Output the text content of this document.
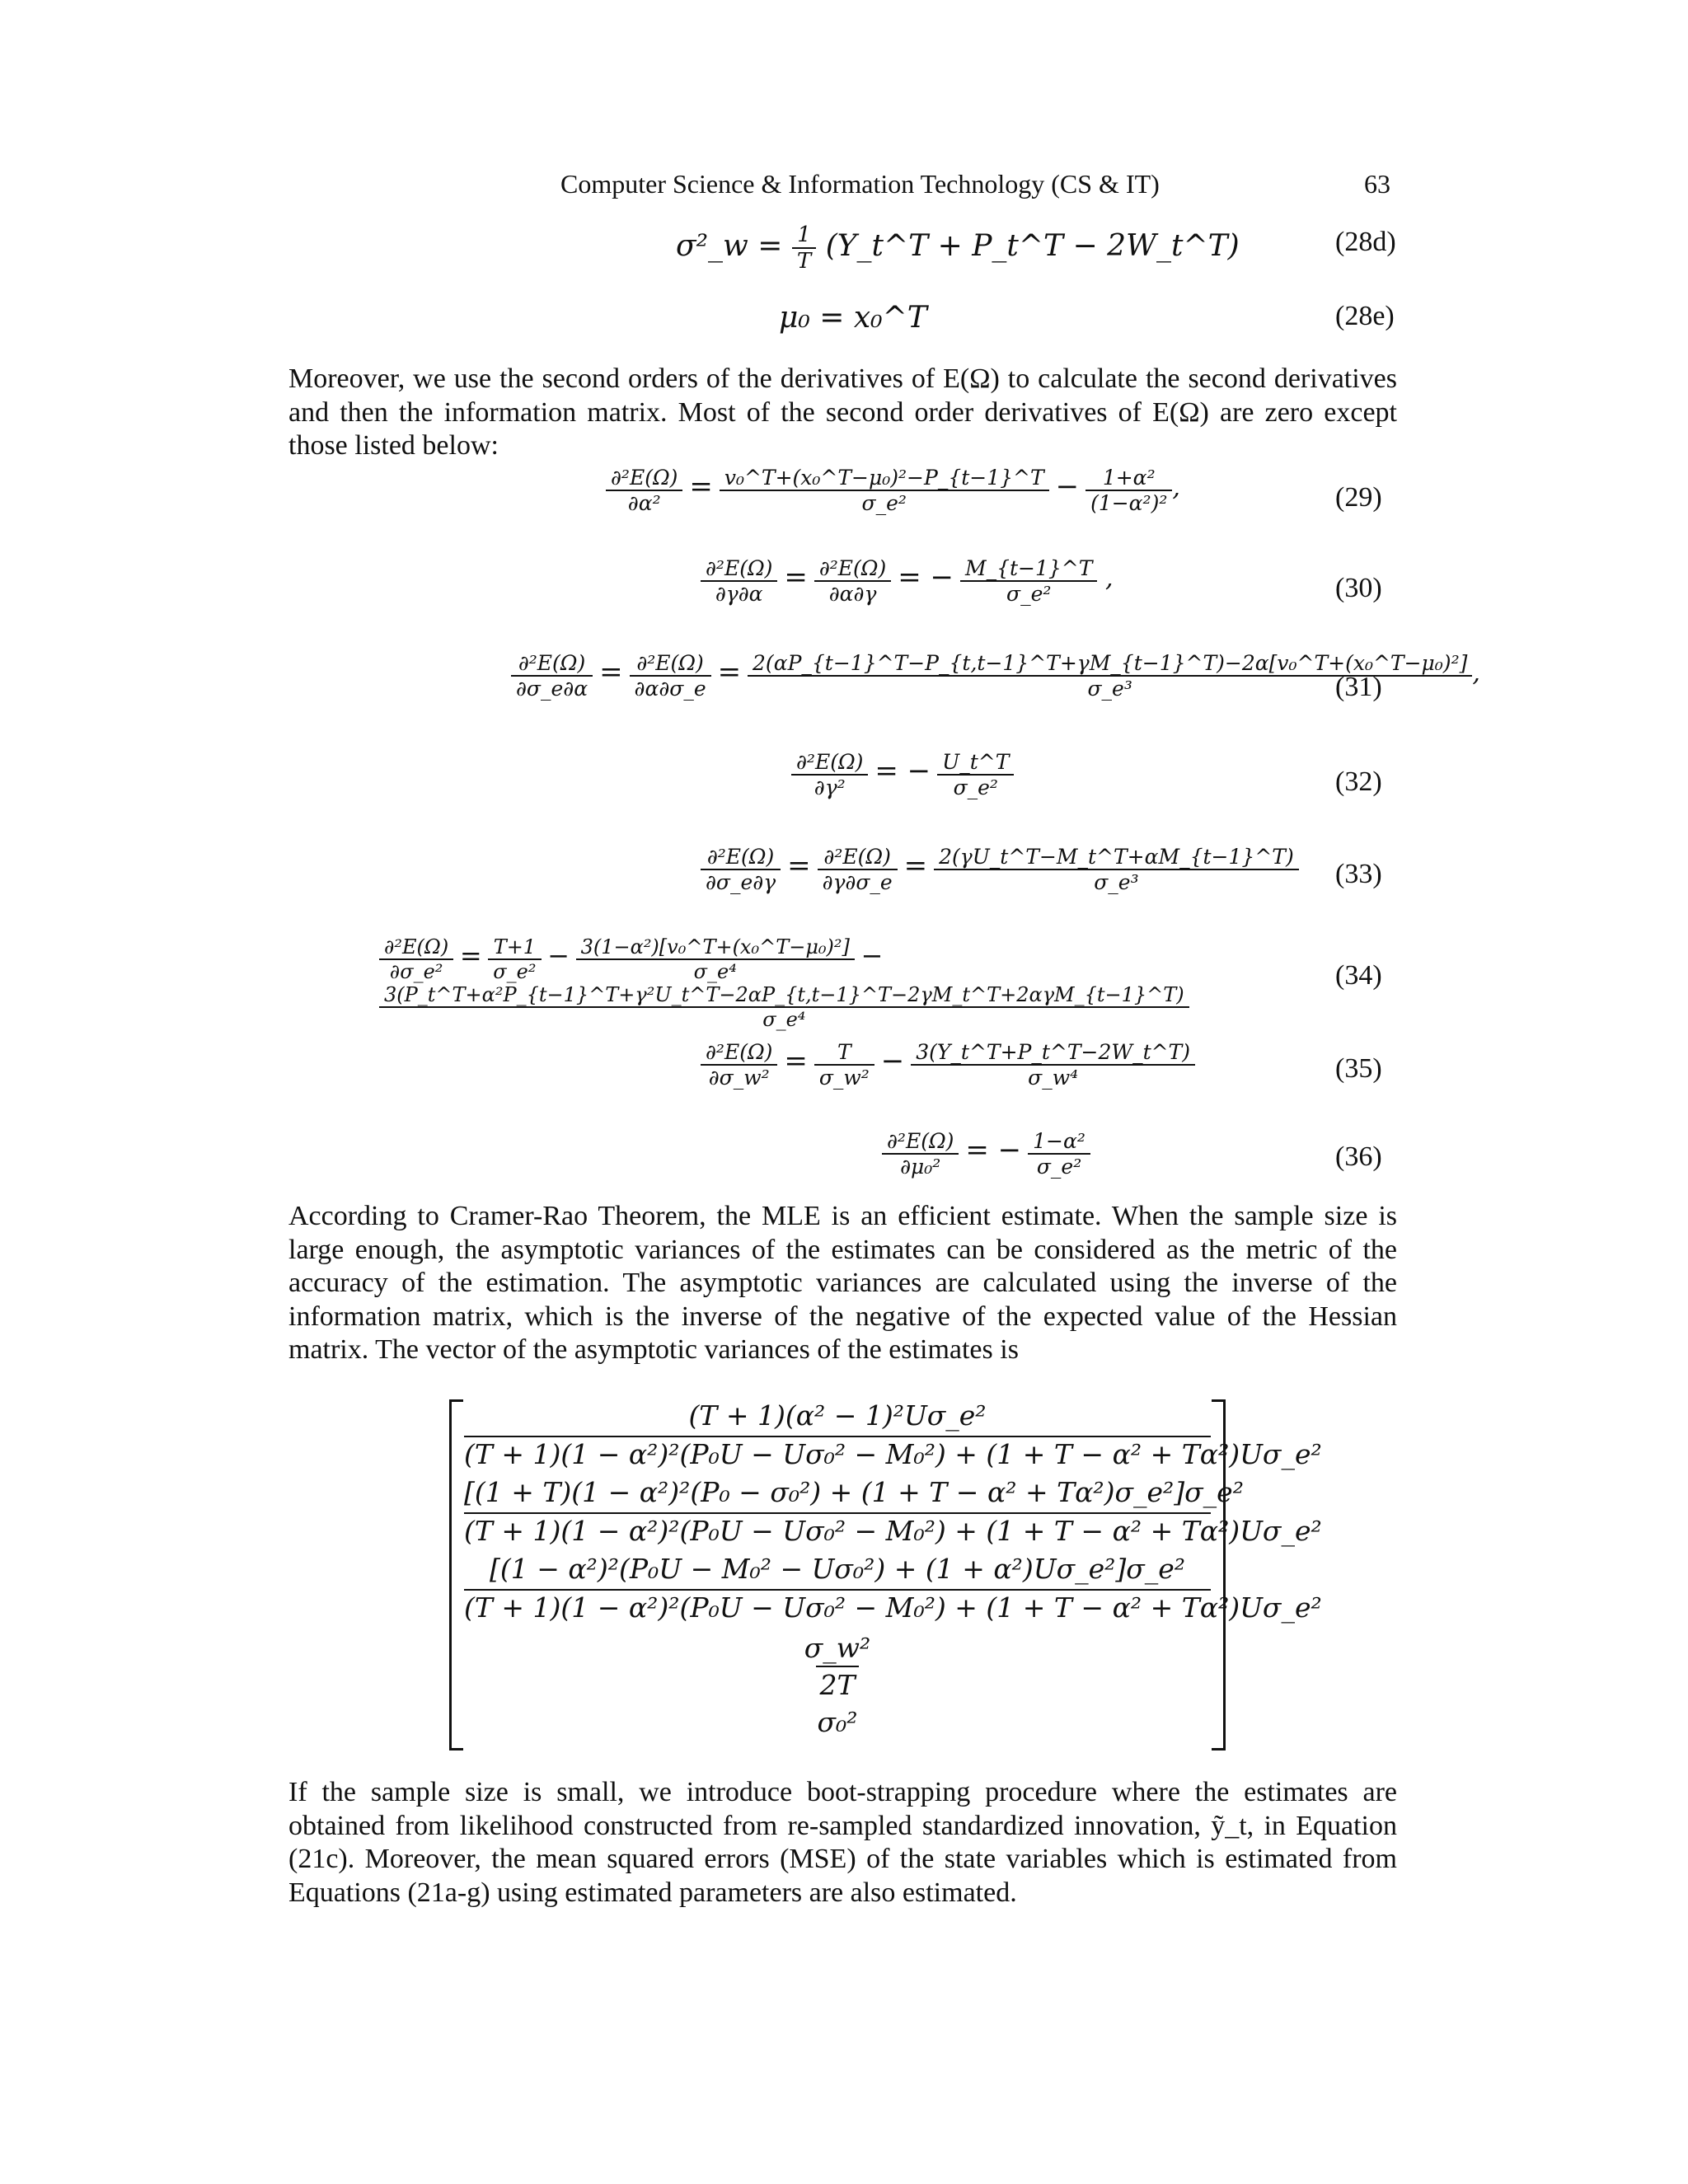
Computer Science & Information Technology (CS & IT)	63
σ²_w = $\frac{1}{T}$ (Y_t^T + P_t^T − 2W_t^T)	(28d)
μ₀ = x₀^T	(28e)

Moreover, we use the second orders of the derivatives of E(Ω) to calculate the second derivatives and then the information matrix. Most of the second order derivatives of E(Ω) are zero except those listed below:

$\frac{\text{∂²E(Ω)}}{\text{∂α²}} = \frac{\text{v₀\textasciicircum{}T+(x₀\textasciicircum{}T−μ₀)²−P\_\{t−1\}\textasciicircum{}T}}{\text{σ\_e²}} - \frac{\text{1+α²}}{\text{(1−α²)²}}$ ,	(29)
$\frac{\text{∂²E(Ω)}}{\partial\gamma\partial\alpha} = \frac{\text{∂²E(Ω)}}{\partial\alpha\partial\gamma}$ = − $\frac{M\_\{t-1\}\^{}T}{\text{σ\_e²}}$ ,	(30)
$\frac{\text{∂²E(Ω)}}{\partial\sigma\_e\partial\alpha} = \frac{\text{∂²E(Ω)}}{\partial\alpha\partial\sigma\_e} = \frac{\text{2(αP\_\{t−1\}\textasciicircum{}T−P\_\{t,t−1\}\textasciicircum{}T+γM\_\{t−1\}\textasciicircum{}T)−2α[v₀\textasciicircum{}T+(x₀\textasciicircum{}T−μ₀)²]}}{\text{σ\_e³}}$ ,
(31)
$\frac{\text{∂²E(Ω)}}{\text{∂γ²}}$ = − $\frac{U\_t\^{}T}{\text{σ\_e²}}$	(32)
$\frac{\text{∂²E(Ω)}}{\partial\sigma\_e\partial\gamma} = \frac{\text{∂²E(Ω)}}{\partial\gamma\partial\sigma\_e} = \frac{2(\gamma U\_t\^{}T-M\_t\^{}T+\alpha M\_\{t-1\}\^{}T)}{\text{σ\_e³}} (33)$
$\frac{\text{∂²E(Ω)}}{\text{∂σ\_e²}} = \frac{T+1}{\text{σ\_e²}} - \frac{\text{3(1−α²)[v₀\textasciicircum{}T+(x₀\textasciicircum{}T−μ₀)²]}}{\text{σ\_e⁴}}$ −
3(P_t^T+α²P_{t−1}^T+γ²U_t^T−2αP_{t,t−1}^T−2γM_t^T+2αγM_{t−1}^T)
σ_e⁴
(34)
$\frac{\text{∂²E(Ω)}}{\text{∂σ\_w²}} = \frac{T}{\text{σ\_w²}} - \frac{3(Y\_t\^{}T+P\_t\^{}T-2W\_t\^{}T)}{\text{σ\_w⁴}}$	(35)
$\frac{\text{∂²E(Ω)}}{\text{∂μ₀²}}$ = − $\frac{\text{1−α²}}{\text{σ\_e²}}$	(36)

According to Cramer-Rao Theorem, the MLE is an efficient estimate. When the sample size is large enough, the asymptotic variances of the estimates can be considered as the metric of the accuracy of the estimation. The asymptotic variances are calculated using the inverse of the information matrix, which is the inverse of the negative of the expected value of the Hessian matrix. The vector of the asymptotic variances of the estimates is

(T + 1)(α² − 1)²Uσ_e²
(T + 1)(1 − α²)²(P₀U − Uσ₀² − M₀²) + (1 + T − α² + Tα²)Uσ_e²
[(1 + T)(1 − α²)²(P₀ − σ₀²) + (1 + T − α² + Tα²)σ_e²]σ_e²
(T + 1)(1 − α²)²(P₀U − Uσ₀² − M₀²) + (1 + T − α² + Tα²)Uσ_e²
[(1 − α²)²(P₀U − M₀² − Uσ₀²) + (1 + α²)Uσ_e²]σ_e²
(T + 1)(1 − α²)²(P₀U − Uσ₀² − M₀²) + (1 + T − α² + Tα²)Uσ_e²
σ_w²
2T
σ₀²

If the sample size is small, we introduce boot-strapping procedure where the estimates are obtained from likelihood constructed from re-sampled standardized innovation, ỹ_t, in Equation (21c). Moreover, the mean squared errors (MSE) of the state variables which is estimated from Equations (21a-g) using estimated parameters are also estimated.
